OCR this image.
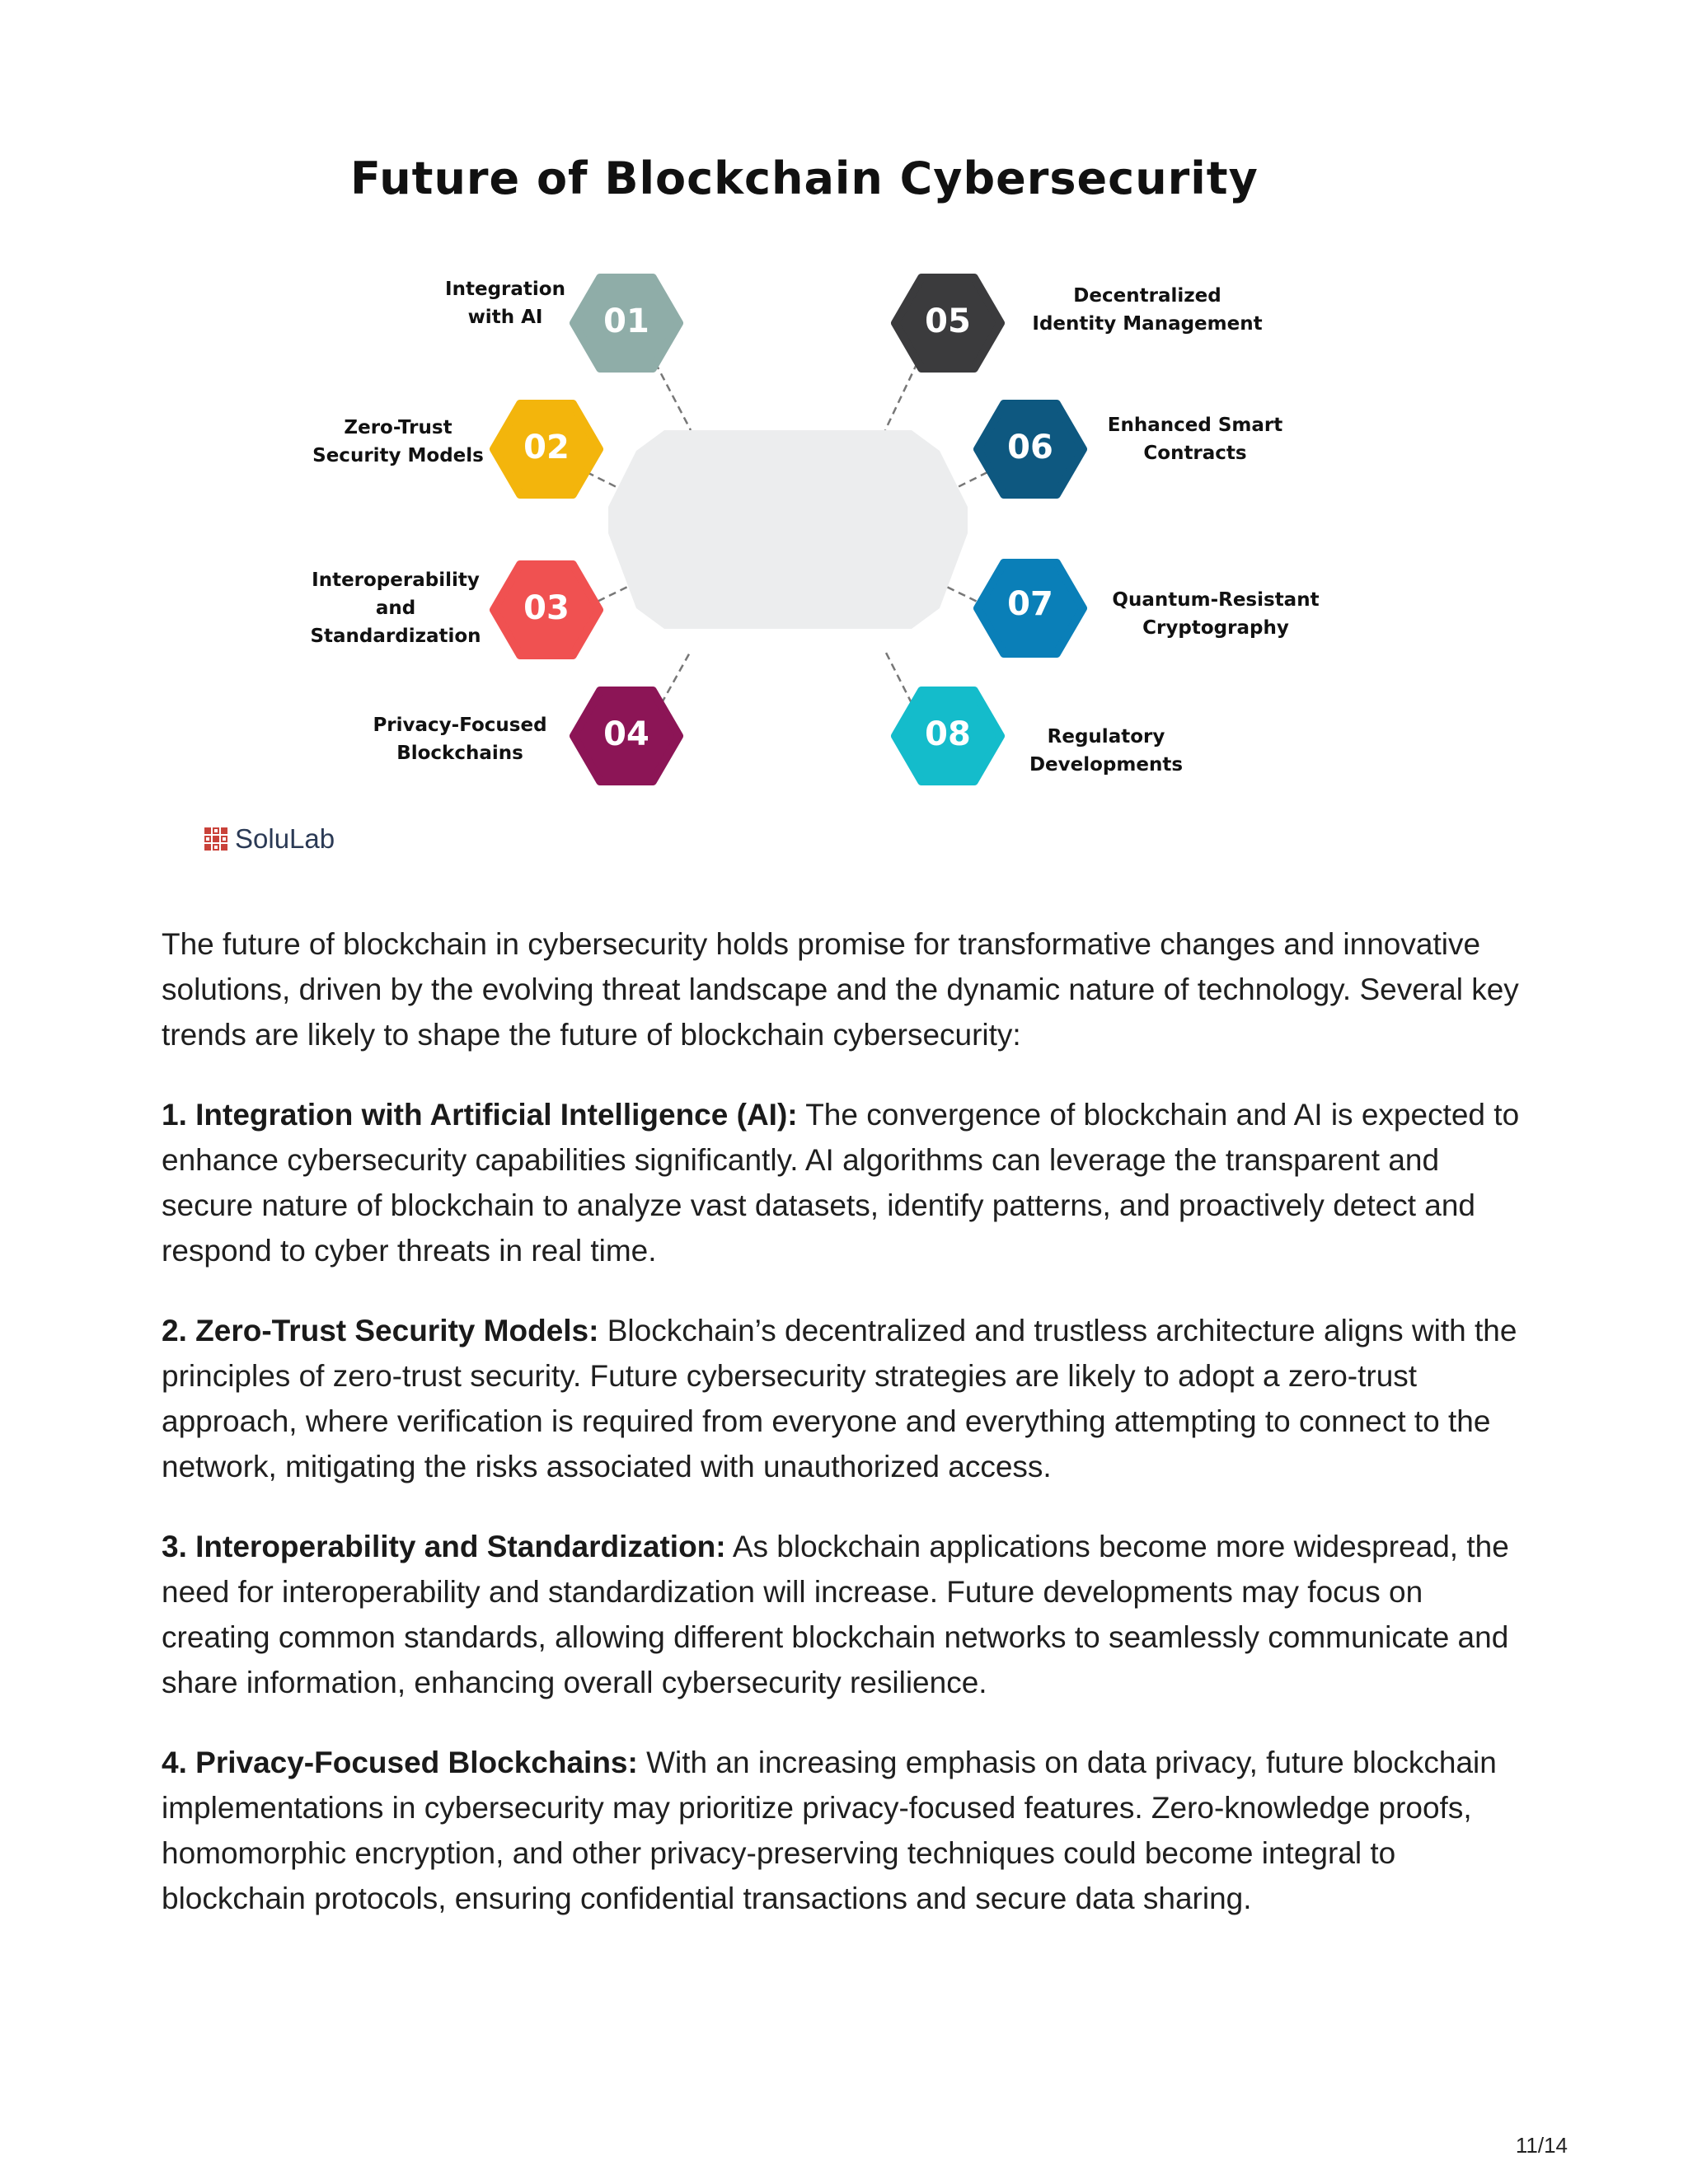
Future of Blockchain Cybersecurity
01
02
03
04
05
06
07
08
Integration
with AI
Zero-Trust
Security Models
Interoperability
and
Standardization
Privacy-Focused
Blockchains
Decentralized
Identity Management
Enhanced Smart
Contracts
Quantum-Resistant
Cryptography
Regulatory
Developments
SoluLab

The future of blockchain in cybersecurity holds promise for transformative changes and innovative solutions, driven by the evolving threat landscape and the dynamic nature of technology. Several key trends are likely to shape the future of blockchain cybersecurity:

1. Integration with Artificial Intelligence (AI): The convergence of blockchain and AI is expected to enhance cybersecurity capabilities significantly. AI algorithms can leverage the transparent and secure nature of blockchain to analyze vast datasets, identify patterns, and proactively detect and respond to cyber threats in real time.

2. Zero-Trust Security Models: Blockchain’s decentralized and trustless architecture aligns with the principles of zero-trust security. Future cybersecurity strategies are likely to adopt a zero-trust approach, where verification is required from everyone and everything attempting to connect to the network, mitigating the risks associated with unauthorized access.

3. Interoperability and Standardization: As blockchain applications become more widespread, the need for interoperability and standardization will increase. Future developments may focus on creating common standards, allowing different blockchain networks to seamlessly communicate and share information, enhancing overall cybersecurity resilience.

4. Privacy-Focused Blockchains: With an increasing emphasis on data privacy, future blockchain implementations in cybersecurity may prioritize privacy-focused features. Zero-knowledge proofs, homomorphic encryption, and other privacy-preserving techniques could become integral to blockchain protocols, ensuring confidential transactions and secure data sharing.

11/14
